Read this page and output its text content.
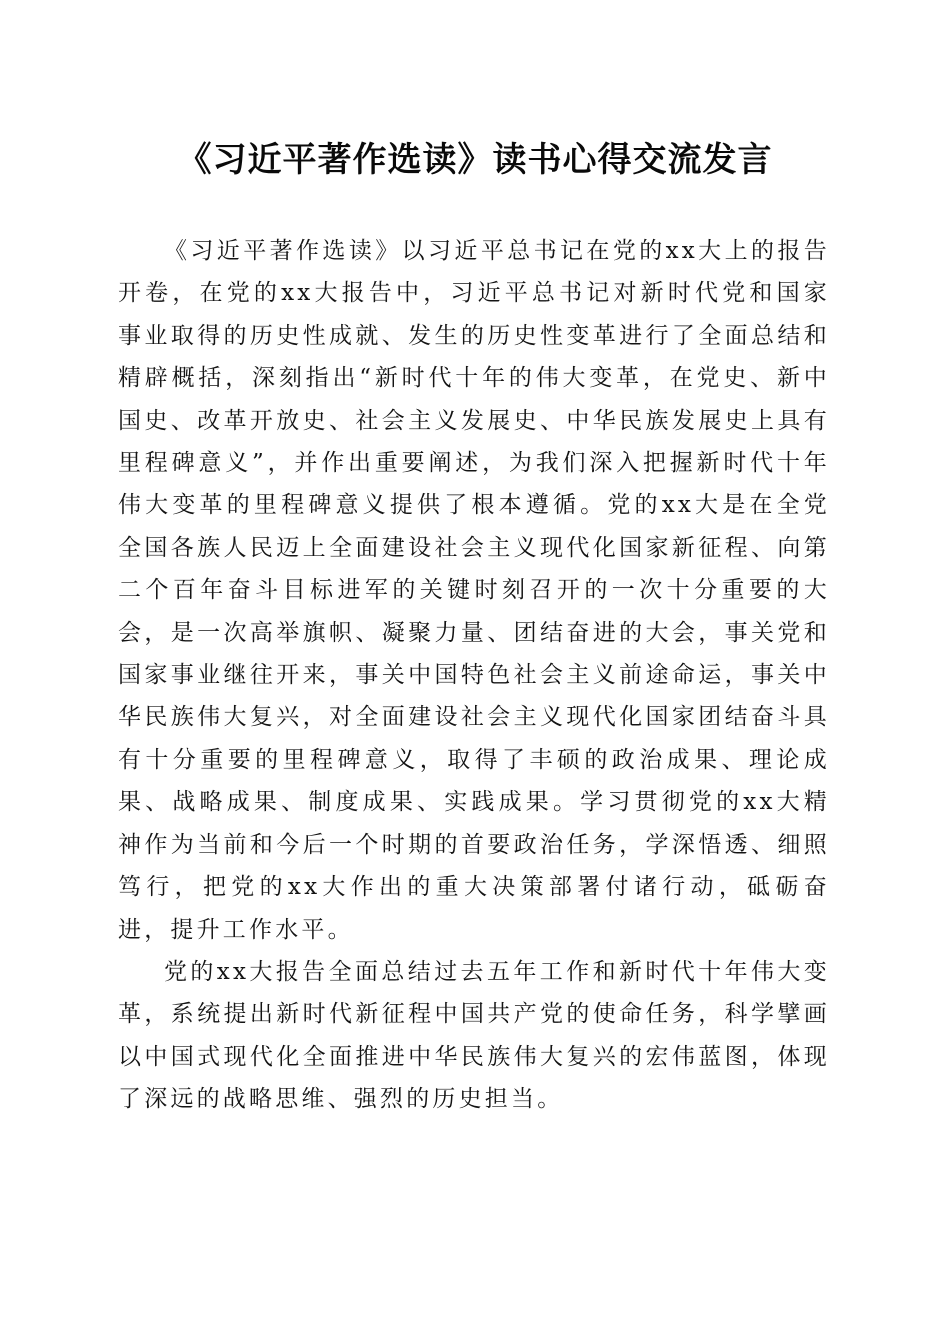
《习近平著作选读》读书心得交流发言

《习近平著作选读》以习近平总书记在党的xx大上的报告开卷，在党的xx大报告中，习近平总书记对新时代党和国家事业取得的历史性成就、发生的历史性变革进行了全面总结和精辟概括，深刻指出“新时代十年的伟大变革，在党史、新中国史、改革开放史、社会主义发展史、中华民族发展史上具有里程碑意义”，并作出重要阐述，为我们深入把握新时代十年伟大变革的里程碑意义提供了根本遵循。党的xx大是在全党全国各族人民迈上全面建设社会主义现代化国家新征程、向第二个百年奋斗目标进军的关键时刻召开的一次十分重要的大会，是一次高举旗帜、凝聚力量、团结奋进的大会，事关党和国家事业继往开来，事关中国特色社会主义前途命运，事关中华民族伟大复兴，对全面建设社会主义现代化国家团结奋斗具有十分重要的里程碑意义，取得了丰硕的政治成果、理论成果、战略成果、制度成果、实践成果。学习贯彻党的xx大精神作为当前和今后一个时期的首要政治任务，学深悟透、细照笃行，把党的xx大作出的重大决策部署付诸行动，砥砺奋进，提升工作水平。

党的xx大报告全面总结过去五年工作和新时代十年伟大变革，系统提出新时代新征程中国共产党的使命任务，科学擘画以中国式现代化全面推进中华民族伟大复兴的宏伟蓝图，体现了深远的战略思维、强烈的历史担当。
